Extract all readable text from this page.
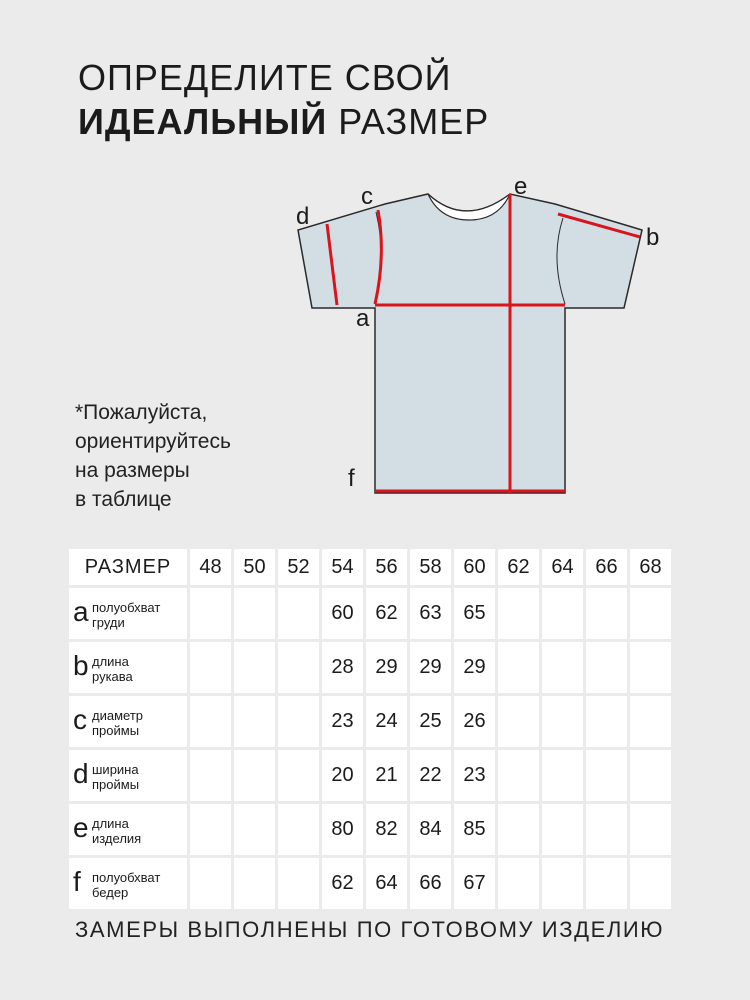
ОПРЕДЕЛИТЕ СВОЙ
ИДЕАЛЬНЫЙ РАЗМЕР
d
c	e
b
a
f
*Пожалуйста,
ориентируйтесь
на размеры
в таблице
РАЗМЕР	48	50	52	54	56	58	60	62	64	66	68

a полуобхват
груди				60	62	63	65				

b длина
рукава				28	29	29	29				

c диаметр
проймы				23	24	25	26				

d ширина
проймы				20	21	22	23				

e длина
изделия				80	82	84	85				

f полуобхват
бедер				62	64	66	67				
ЗАМЕРЫ ВЫПОЛНЕНЫ ПО ГОТОВОМУ ИЗДЕЛИЮ
